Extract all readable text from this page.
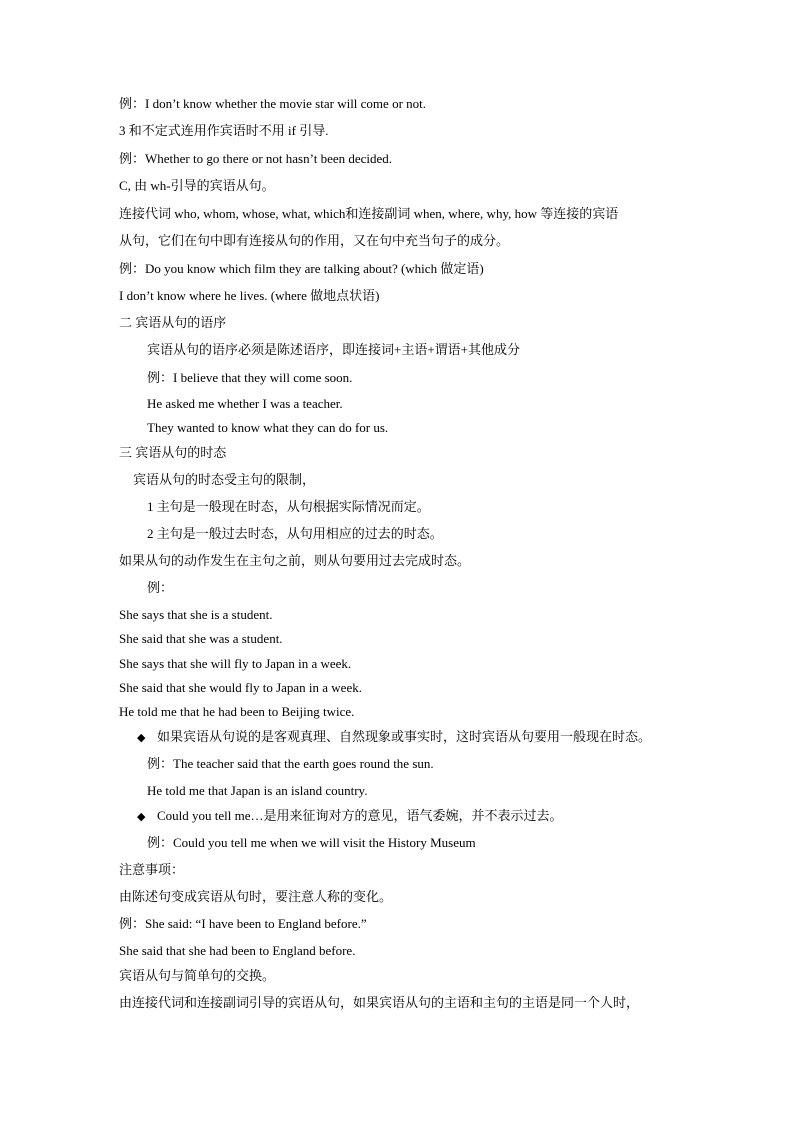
例：I don’t know whether the movie star will come or not.
3 和不定式连用作宾语时不用 if 引导.
例：Whether to go there or not hasn’t been decided.
C, 由 wh-引导的宾语从句。
连接代词 who, whom, whose, what, which和连接副词 when, where, why, how 等连接的宾语
从句，它们在句中即有连接从句的作用，又在句中充当句子的成分。
例：Do you know which film they are talking about? (which 做定语)
I don’t know where he lives. (where 做地点状语)
二 宾语从句的语序
宾语从句的语序必须是陈述语序，即连接词+主语+谓语+其他成分
例：I believe that they will come soon.
He asked me whether I was a teacher.
They wanted to know what they can do for us.
三 宾语从句的时态
宾语从句的时态受主句的限制，
1 主句是一般现在时态，从句根据实际情况而定。
2 主句是一般过去时态，从句用相应的过去的时态。
如果从句的动作发生在主句之前，则从句要用过去完成时态。
例：
She says that she is a student.
She said that she was a student.
She says that she will fly to Japan in a week.
She said that she would fly to Japan in a week.
He told me that he had been to Beijing twice.
◆ 如果宾语从句说的是客观真理、自然现象或事实时，这时宾语从句要用一般现在时态。
例：The teacher said that the earth goes round the sun.
He told me that Japan is an island country.
◆ Could you tell me…是用来征询对方的意见，语气委婉，并不表示过去。
例：Could you tell me when we will visit the History Museum
注意事项：
由陈述句变成宾语从句时，要注意人称的变化。
例：She said: “I have been to England before.”
She said that she had been to England before.
宾语从句与简单句的交换。
由连接代词和连接副词引导的宾语从句，如果宾语从句的主语和主句的主语是同一个人时，
